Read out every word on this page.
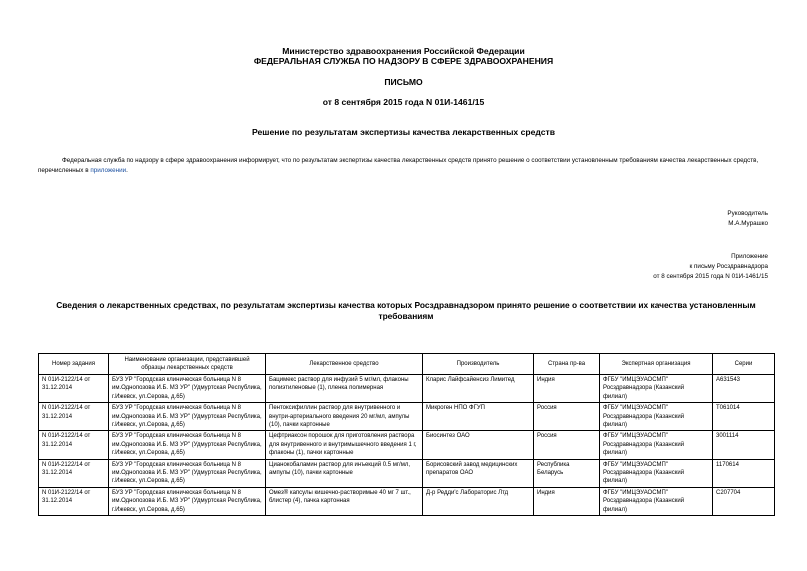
Министерство здравоохранения Российской Федерации
ФЕДЕРАЛЬНАЯ СЛУЖБА ПО НАДЗОРУ В СФЕРЕ ЗДРАВООХРАНЕНИЯ
ПИСЬМО
от 8 сентября 2015 года N 01И-1461/15
Решение по результатам экспертизы качества лекарственных средств
Федеральная служба по надзору в сфере здравоохранения информирует, что по результатам экспертизы качества лекарственных средств принято решение о соответствии установленным требованиям качества лекарственных средств, перечисленных в приложении.
Руководитель
М.А.Мурашко
Приложение
к письму Росздравнадзора
от 8 сентября 2015 года N 01И-1461/15
Сведения о лекарственных средствах, по результатам экспертизы качества которых Росздравнадзором принято решение о соответствии их качества установленным требованиям
Номер задания	Наименование организации, представившей образцы лекарственных средств	Лекарственное средство	Производитель	Страна пр-ва	Экспертная организация	Серии
N 01И-2122/14 от 31.12.2014	БУЗ УР "Городская клиническая больница N 8 им.Однопозова И.Б. МЗ УР" (Удмуртская Республика, г.Ижевск, ул.Серова, д.65)	Бацимекс раствор для инфузий 5 мг/мл, флаконы полиэтиленовые (1), пленка полимерная	Кларис Лайфсайенсиз Лимитед	Индия	ФГБУ "ИМЦЭУАОСМП" Росздравнадзора (Казанский филиал)	А631543
N 01И-2122/14 от 31.12.2014	БУЗ УР "Городская клиническая больница N 8 им.Однопозова И.Б. МЗ УР" (Удмуртская Республика, г.Ижевск, ул.Серова, д.65)	Пентоксифиллин раствор для внутривенного и внутри-артериального введения 20 мг/мл, ампулы (10), пачки картонные	Микроген НПО ФГУП	Россия	ФГБУ "ИМЦЭУАОСМП" Росздравнадзора (Казанский филиал)	Т061014
N 01И-2122/14 от 31.12.2014	БУЗ УР "Городская клиническая больница N 8 им.Однопозова И.Б. МЗ УР" (Удмуртская Республика, г.Ижевск, ул.Серова, д.65)	Цефтриаксон порошок для приготовления раствора для внутривенного и внутримышечного введения 1 г, флаконы (1), пачки картонные	Биосинтез ОАО	Россия	ФГБУ "ИМЦЭУАОСМП" Росздравнадзора (Казанский филиал)	3001114
N 01И-2122/14 от 31.12.2014	БУЗ УР "Городская клиническая больница N 8 им.Однопозова И.Б. МЗ УР" (Удмуртская Республика, г.Ижевск, ул.Серова, д.65)	Цианокобаламин раствор для инъекций 0.5 мг/мл, ампулы (10), пачки картонные	Борисовский завод медицинских препаратов ОАО	Республика Беларусь	ФГБУ "ИМЦЭУАОСМП" Росздравнадзора (Казанский филиал)	1170614
N 01И-2122/14 от 31.12.2014	БУЗ УР "Городская клиническая больница N 8 им.Однопозова И.Б. МЗ УР" (Удмуртская Республика, г.Ижевск, ул.Серова, д.65)	Омез® капсулы кишечно-растворимые 40 мг 7 шт., блистер (4), пачка картонная	Д-р Редди'с Лабораторис Лтд	Индия	ФГБУ "ИМЦЭУАОСМП" Росздравнадзора (Казанский филиал)	С207704
